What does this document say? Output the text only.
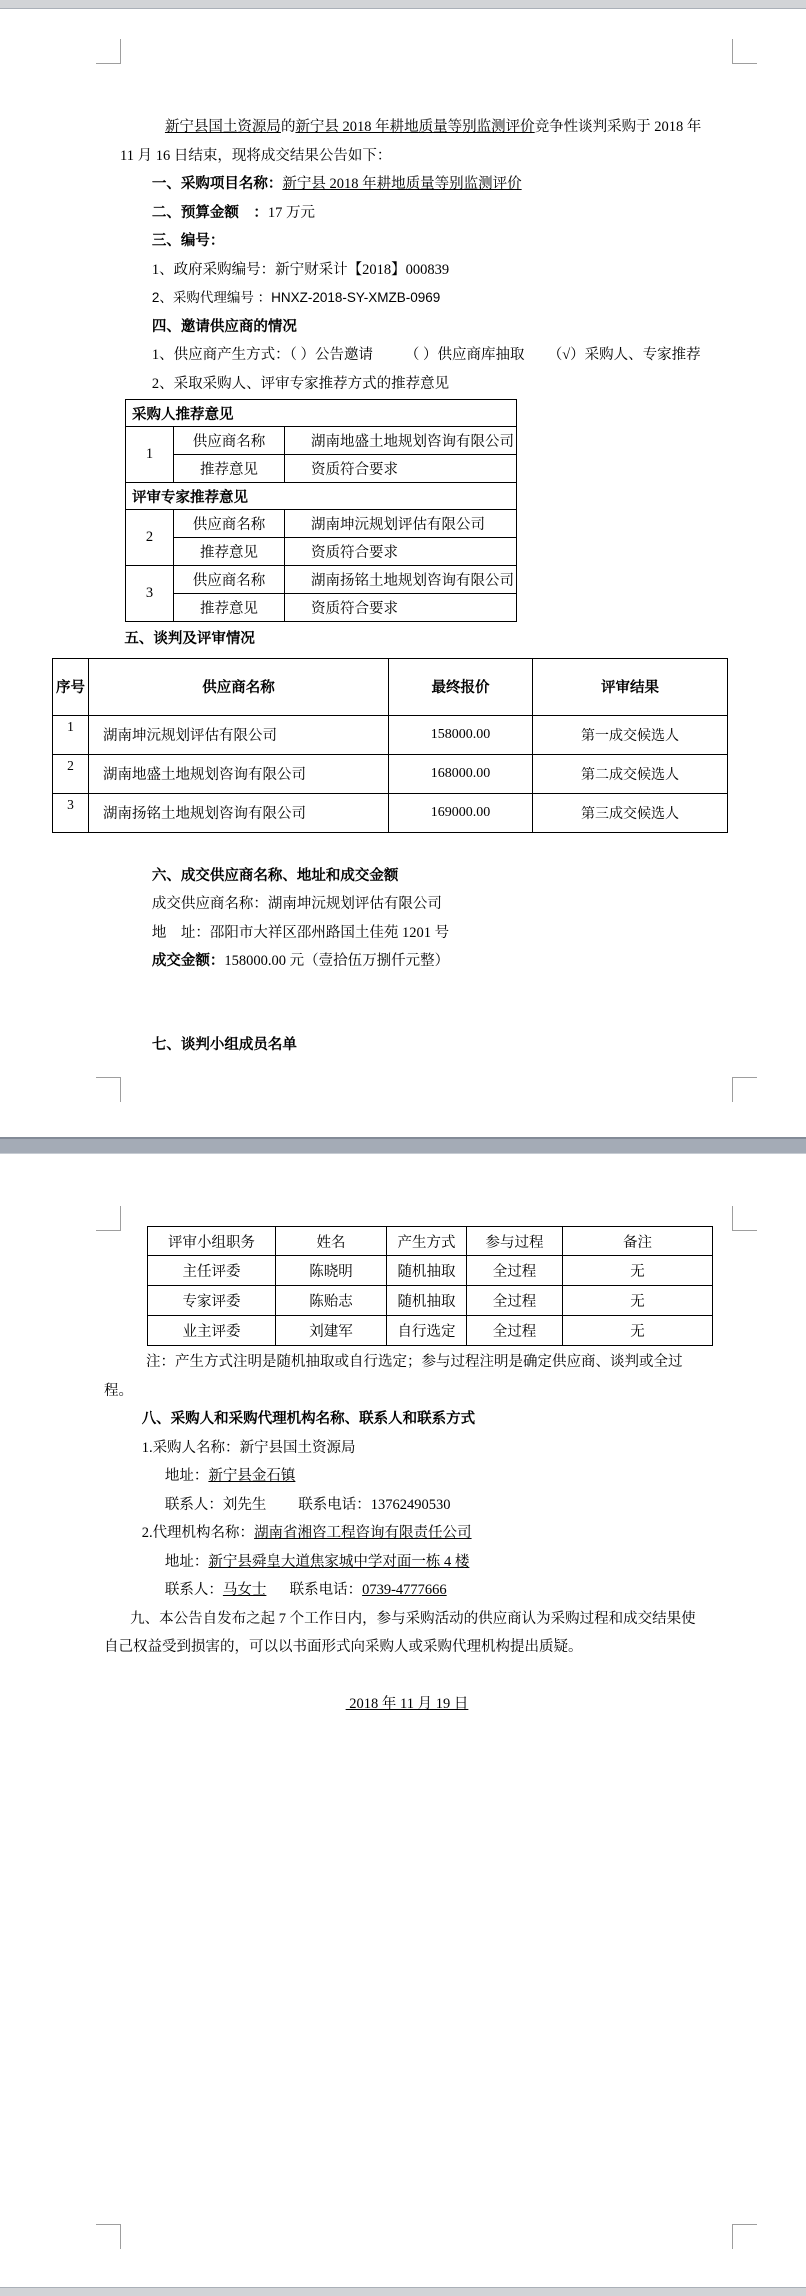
新宁县国土资源局的新宁县 2018 年耕地质量等别监测评价竞争性谈判采购于 2018 年 11 月 16 日结束，现将成交结果公告如下：

一、采购项目名称：新宁县 2018 年耕地质量等别监测评价

二、预算金额　：17 万元

三、编号：

1、政府采购编号：新宁财采计【2018】000839

2、采购代理编号 ：HNXZ-2018-SY-XMZB-0969

四、邀请供应商的情况

1、供应商产生方式：（ ）公告邀请 （ ）供应商库抽取 （√）采购人、专家推荐

2、采取采购人、评审专家推荐方式的推荐意见

采购人推荐意见		
1	供应商名称	湖南地盛土地规划咨询有限公司
	推荐意见	资质符合要求
评审专家推荐意见		
2	供应商名称	湖南坤沅规划评估有限公司
	推荐意见	资质符合要求
3	供应商名称	湖南扬铭土地规划咨询有限公司
	推荐意见	资质符合要求

五、谈判及评审情况

序号	供应商名称	最终报价	评审结果
1	湖南坤沅规划评估有限公司	158000.00	第一成交候选人
2	湖南地盛土地规划咨询有限公司	168000.00	第二成交候选人
3	湖南扬铭土地规划咨询有限公司	169000.00	第三成交候选人

六、成交供应商名称、地址和成交金额

成交供应商名称：湖南坤沅规划评估有限公司

地　址：邵阳市大祥区邵州路国土佳苑 1201 号

成交金额：158000.00 元（壹拾伍万捌仟元整）

七、谈判小组成员名单

评审小组职务	姓名	产生方式	参与过程	备注
主任评委	陈晓明	随机抽取	全过程	无
专家评委	陈贻志	随机抽取	全过程	无
业主评委	刘建军	自行选定	全过程	无

注：产生方式注明是随机抽取或自行选定；参与过程注明是确定供应商、谈判或全过程。

八、采购人和采购代理机构名称、联系人和联系方式

1.采购人名称：新宁县国土资源局

地址：新宁县金石镇

联系人：刘先生 联系电话：13762490530

2.代理机构名称：湖南省湘咨工程咨询有限责任公司

地址：新宁县舜皇大道焦家城中学对面一栋 4 楼

联系人：马女士 联系电话：0739-4777666

九、本公告自发布之起 7 个工作日内，参与采购活动的供应商认为采购过程和成交结果使自己权益受到损害的，可以以书面形式向采购人或采购代理机构提出质疑。

2018 年 11 月 19 日
